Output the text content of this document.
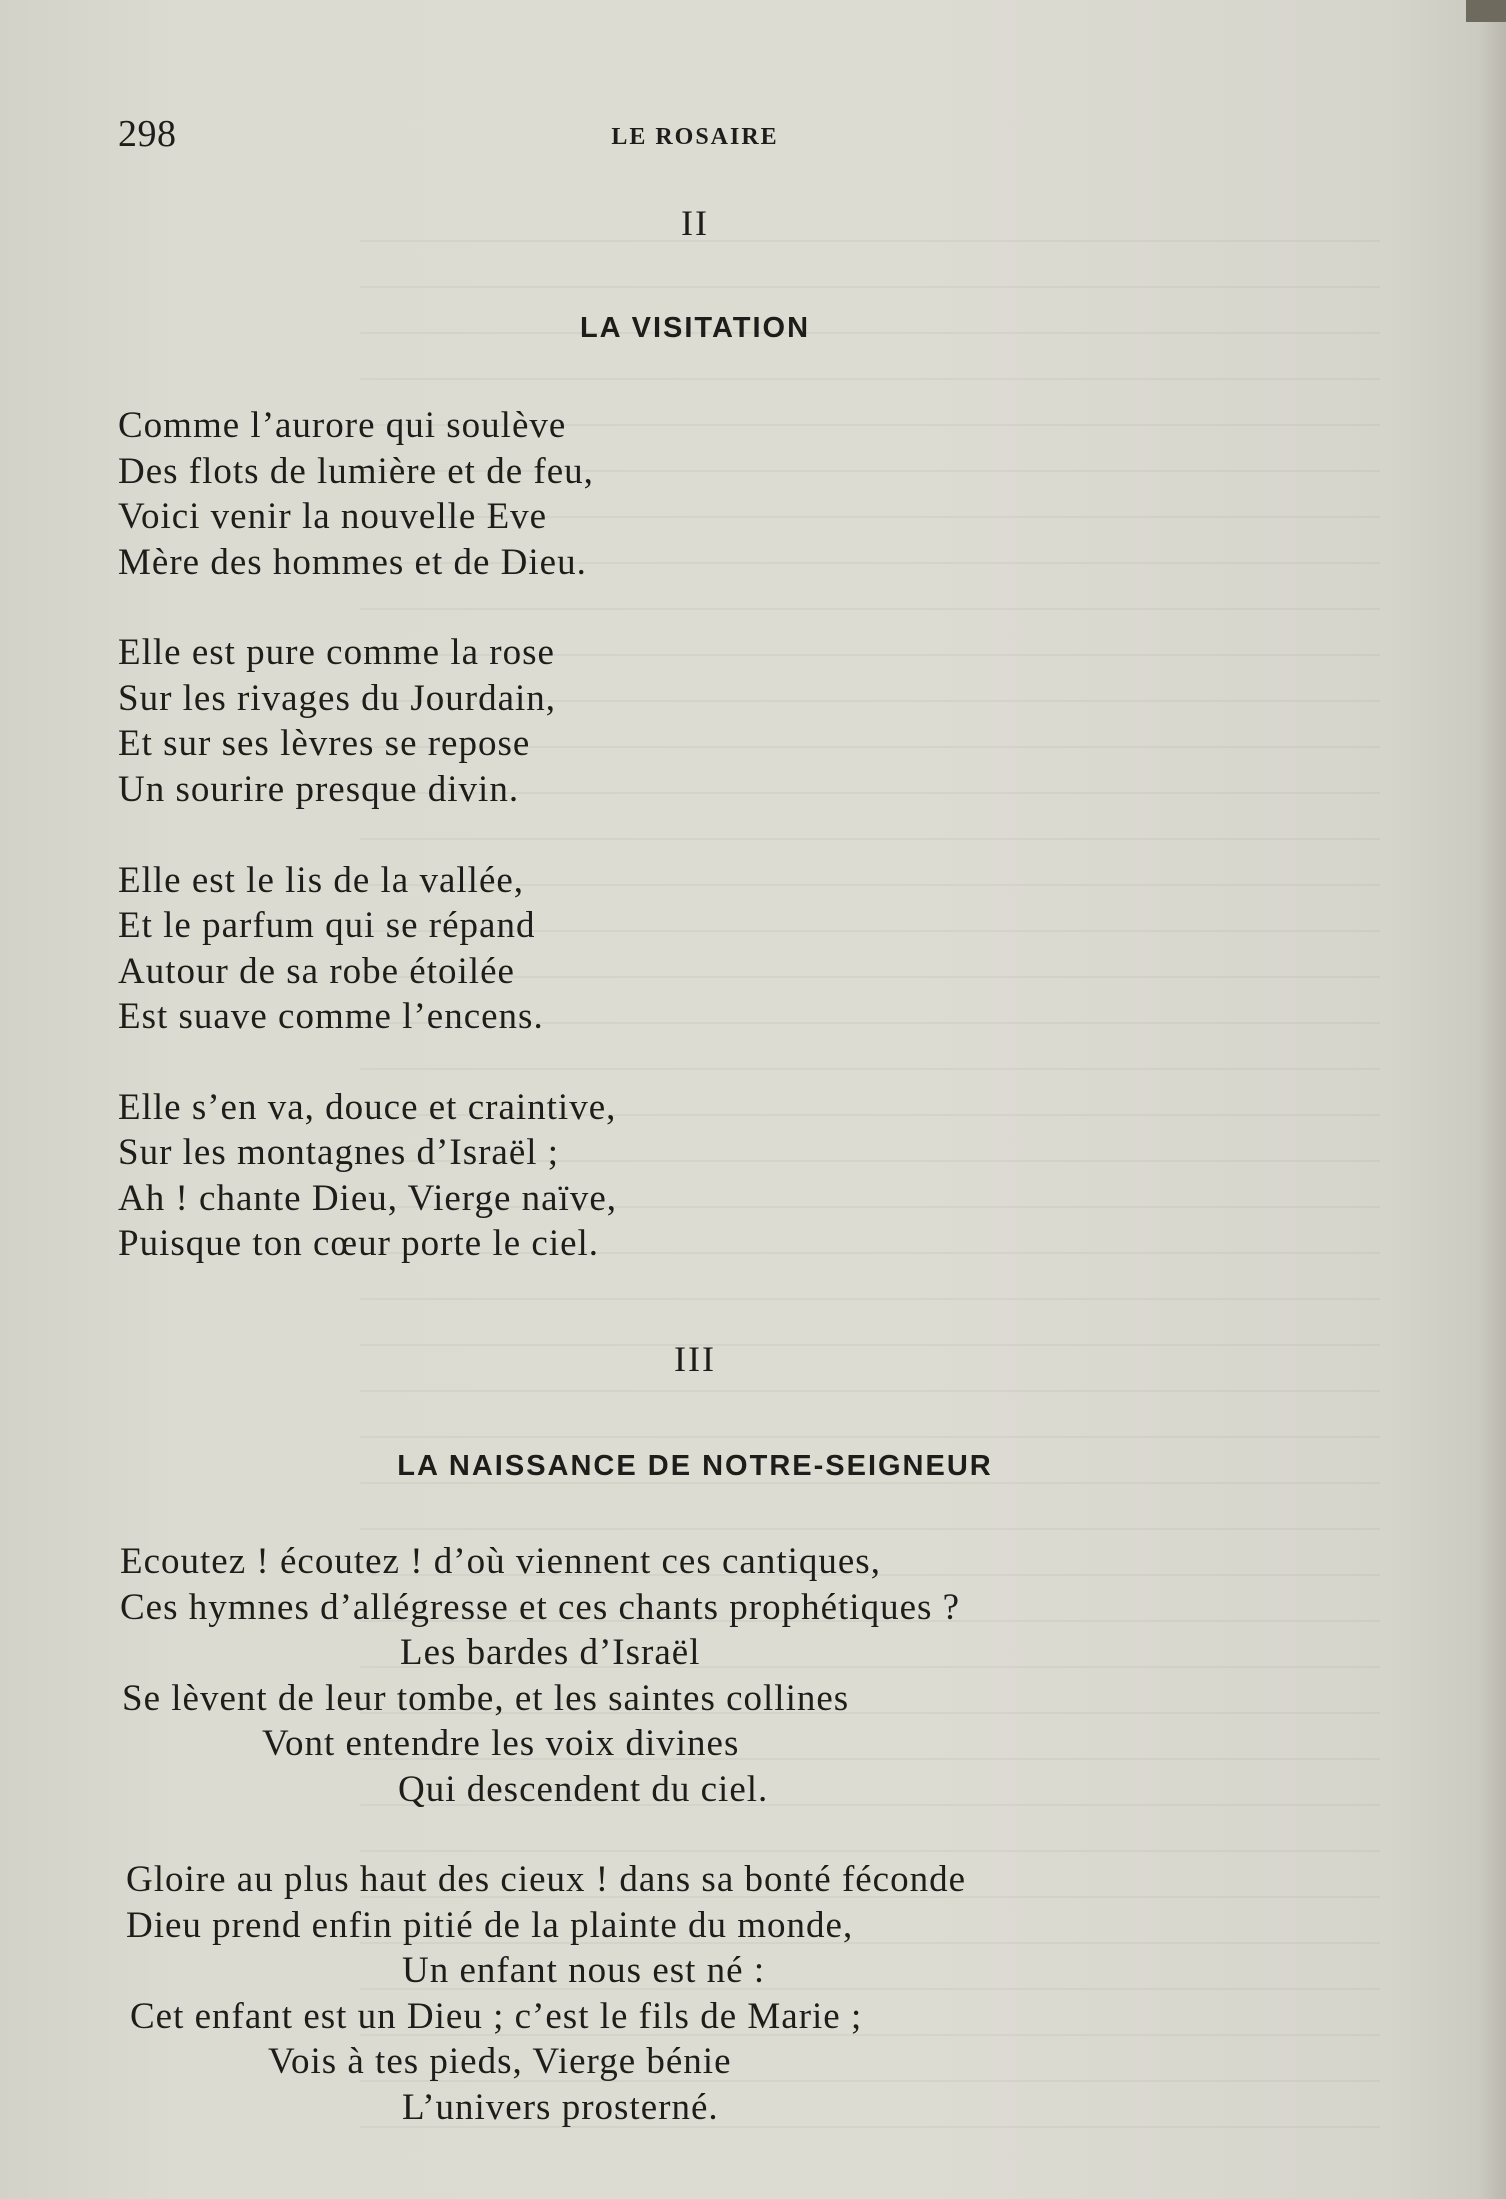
298	LE ROSAIRE
II
LA VISITATION
Comme l’aurore qui soulève
Des flots de lumière et de feu,
Voici venir la nouvelle Eve
Mère des hommes et de Dieu.
Elle est pure comme la rose
Sur les rivages du Jourdain,
Et sur ses lèvres se repose
Un sourire presque divin.
Elle est le lis de la vallée,
Et le parfum qui se répand
Autour de sa robe étoilée
Est suave comme l’encens.
Elle s’en va, douce et craintive,
Sur les montagnes d’Israël ;
Ah ! chante Dieu, Vierge naïve,
Puisque ton cœur porte le ciel.
III
LA NAISSANCE DE NOTRE-SEIGNEUR
Ecoutez ! écoutez ! d’où viennent ces cantiques,
Ces hymnes d’allégresse et ces chants prophétiques ?
Les bardes d’Israël
Se lèvent de leur tombe, et les saintes collines
Vont entendre les voix divines
Qui descendent du ciel.
Gloire au plus haut des cieux ! dans sa bonté féconde
Dieu prend enfin pitié de la plainte du monde,
Un enfant nous est né :
Cet enfant est un Dieu ; c’est le fils de Marie ;
Vois à tes pieds, Vierge bénie
L’univers prosterné.
